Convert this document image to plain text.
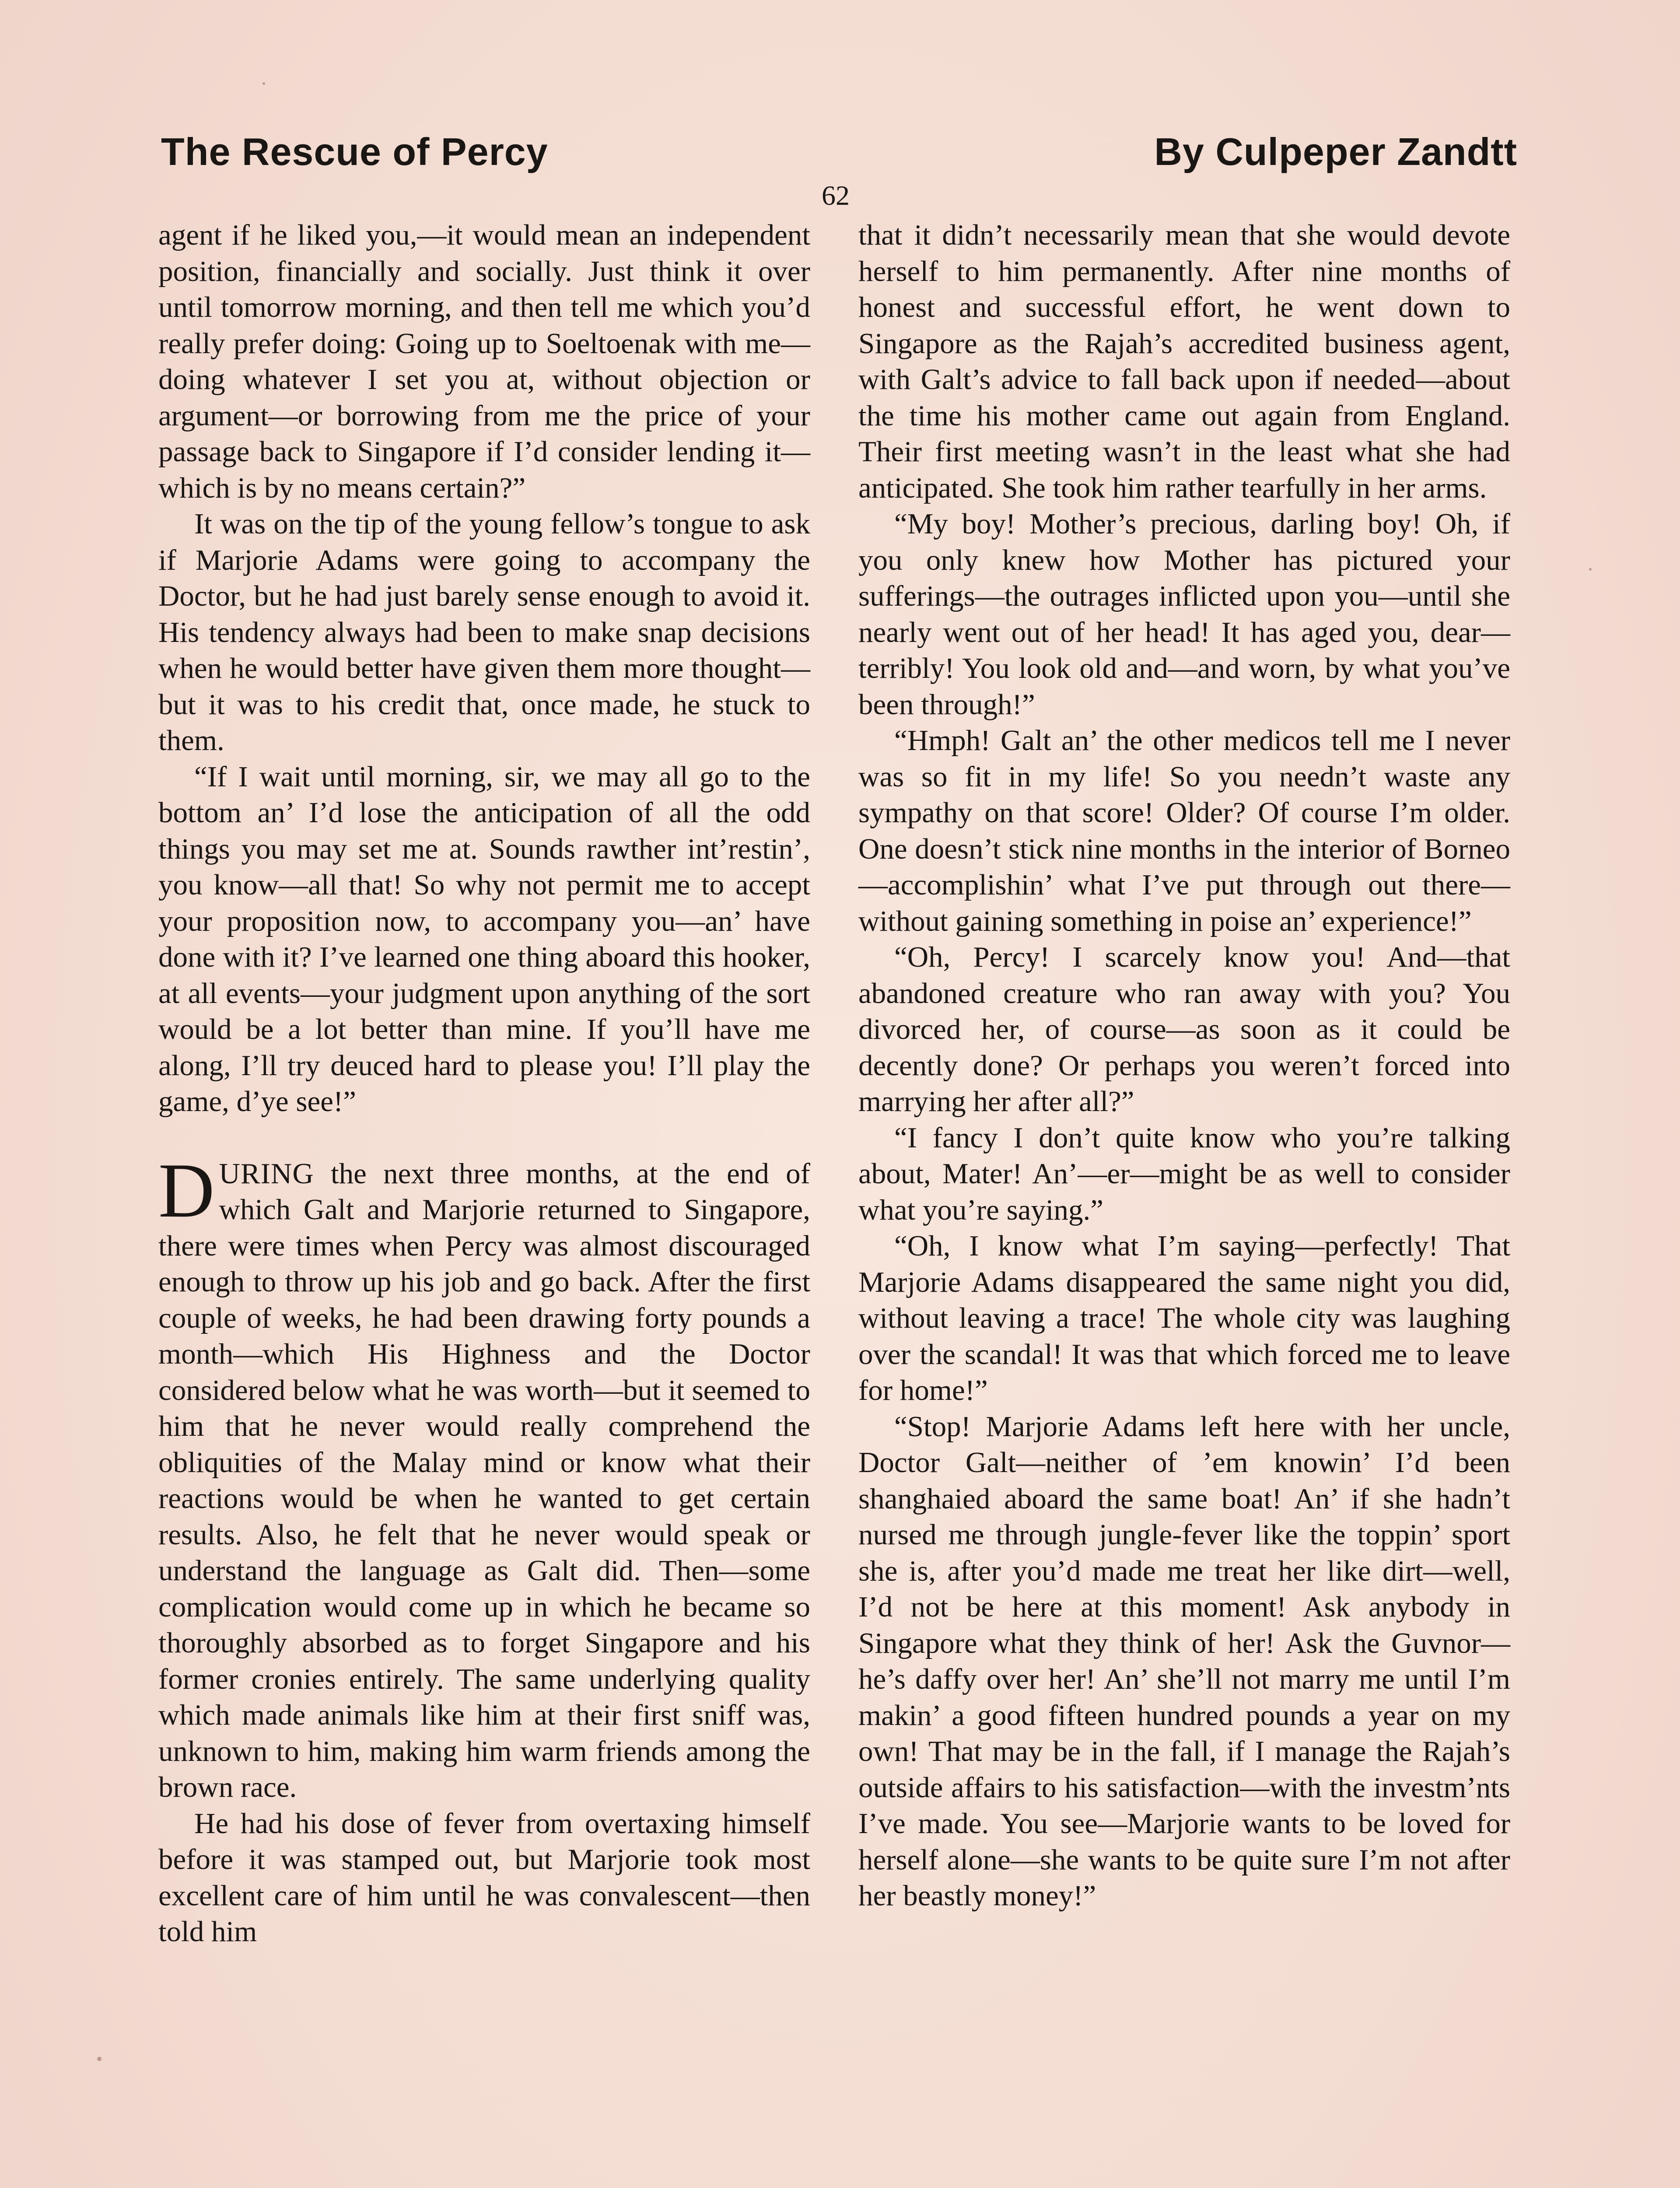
The Rescue of Percy	By Culpeper Zandtt
62

agent if he liked you,—it would mean an independent position, financially and socially. Just think it over until tomorrow morning, and then tell me which you’d really prefer doing: Going up to Soeltoenak with me—doing whatever I set you at, without objection or argument—or borrowing from me the price of your passage back to Singapore if I’d consider lending it—which is by no means certain?”

It was on the tip of the young fellow’s tongue to ask if Marjorie Adams were going to accompany the Doctor, but he had just barely sense enough to avoid it. His tendency always had been to make snap decisions when he would better have given them more thought—but it was to his credit that, once made, he stuck to them.

“If I wait until morning, sir, we may all go to the bottom an’ I’d lose the anticipation of all the odd things you may set me at. Sounds rawther int’restin’, you know—all that! So why not permit me to accept your proposition now, to accompany you—an’ have done with it? I’ve learned one thing aboard this hooker, at all events—your judgment upon anything of the sort would be a lot better than mine. If you’ll have me along, I’ll try deuced hard to please you! I’ll play the game, d’ye see!”

DURING the next three months, at the end of which Galt and Marjorie returned to Singapore, there were times when Percy was almost discouraged enough to throw up his job and go back. After the first couple of weeks, he had been drawing forty pounds a month—which His Highness and the Doctor considered below what he was worth—but it seemed to him that he never would really comprehend the obliquities of the Malay mind or know what their reactions would be when he wanted to get certain results. Also, he felt that he never would speak or understand the language as Galt did. Then—some complication would come up in which he became so thoroughly absorbed as to forget Singapore and his former cronies entirely. The same underlying quality which made animals like him at their first sniff was, unknown to him, making him warm friends among the brown race.

He had his dose of fever from overtaxing himself before it was stamped out, but Marjorie took most excellent care of him until he was convalescent—then told him

that it didn’t necessarily mean that she would devote herself to him permanently. After nine months of honest and successful effort, he went down to Singapore as the Rajah’s accredited business agent, with Galt’s advice to fall back upon if needed—about the time his mother came out again from England. Their first meeting wasn’t in the least what she had anticipated. She took him rather tearfully in her arms.

“My boy! Mother’s precious, darling boy! Oh, if you only knew how Mother has pictured your sufferings—the outrages inflicted upon you—until she nearly went out of her head! It has aged you, dear—terribly! You look old and—and worn, by what you’ve been through!”

“Hmph! Galt an’ the other medicos tell me I never was so fit in my life! So you needn’t waste any sympathy on that score! Older? Of course I’m older. One doesn’t stick nine months in the interior of Borneo—accomplishin’ what I’ve put through out there—without gaining something in poise an’ experience!”

“Oh, Percy! I scarcely know you! And—that abandoned creature who ran away with you? You divorced her, of course—as soon as it could be decently done? Or perhaps you weren’t forced into marrying her after all?”

“I fancy I don’t quite know who you’re talking about, Mater! An’—er—might be as well to consider what you’re saying.”

“Oh, I know what I’m saying—perfectly! That Marjorie Adams disappeared the same night you did, without leaving a trace! The whole city was laughing over the scandal! It was that which forced me to leave for home!”

“Stop! Marjorie Adams left here with her uncle, Doctor Galt—neither of ’em knowin’ I’d been shanghaied aboard the same boat! An’ if she hadn’t nursed me through jungle-fever like the toppin’ sport she is, after you’d made me treat her like dirt—well, I’d not be here at this moment! Ask anybody in Singapore what they think of her! Ask the Guvnor—he’s daffy over her! An’ she’ll not marry me until I’m makin’ a good fifteen hundred pounds a year on my own! That may be in the fall, if I manage the Rajah’s outside affairs to his satisfaction—with the investm’nts I’ve made. You see—Marjorie wants to be loved for herself alone—she wants to be quite sure I’m not after her beastly money!”
